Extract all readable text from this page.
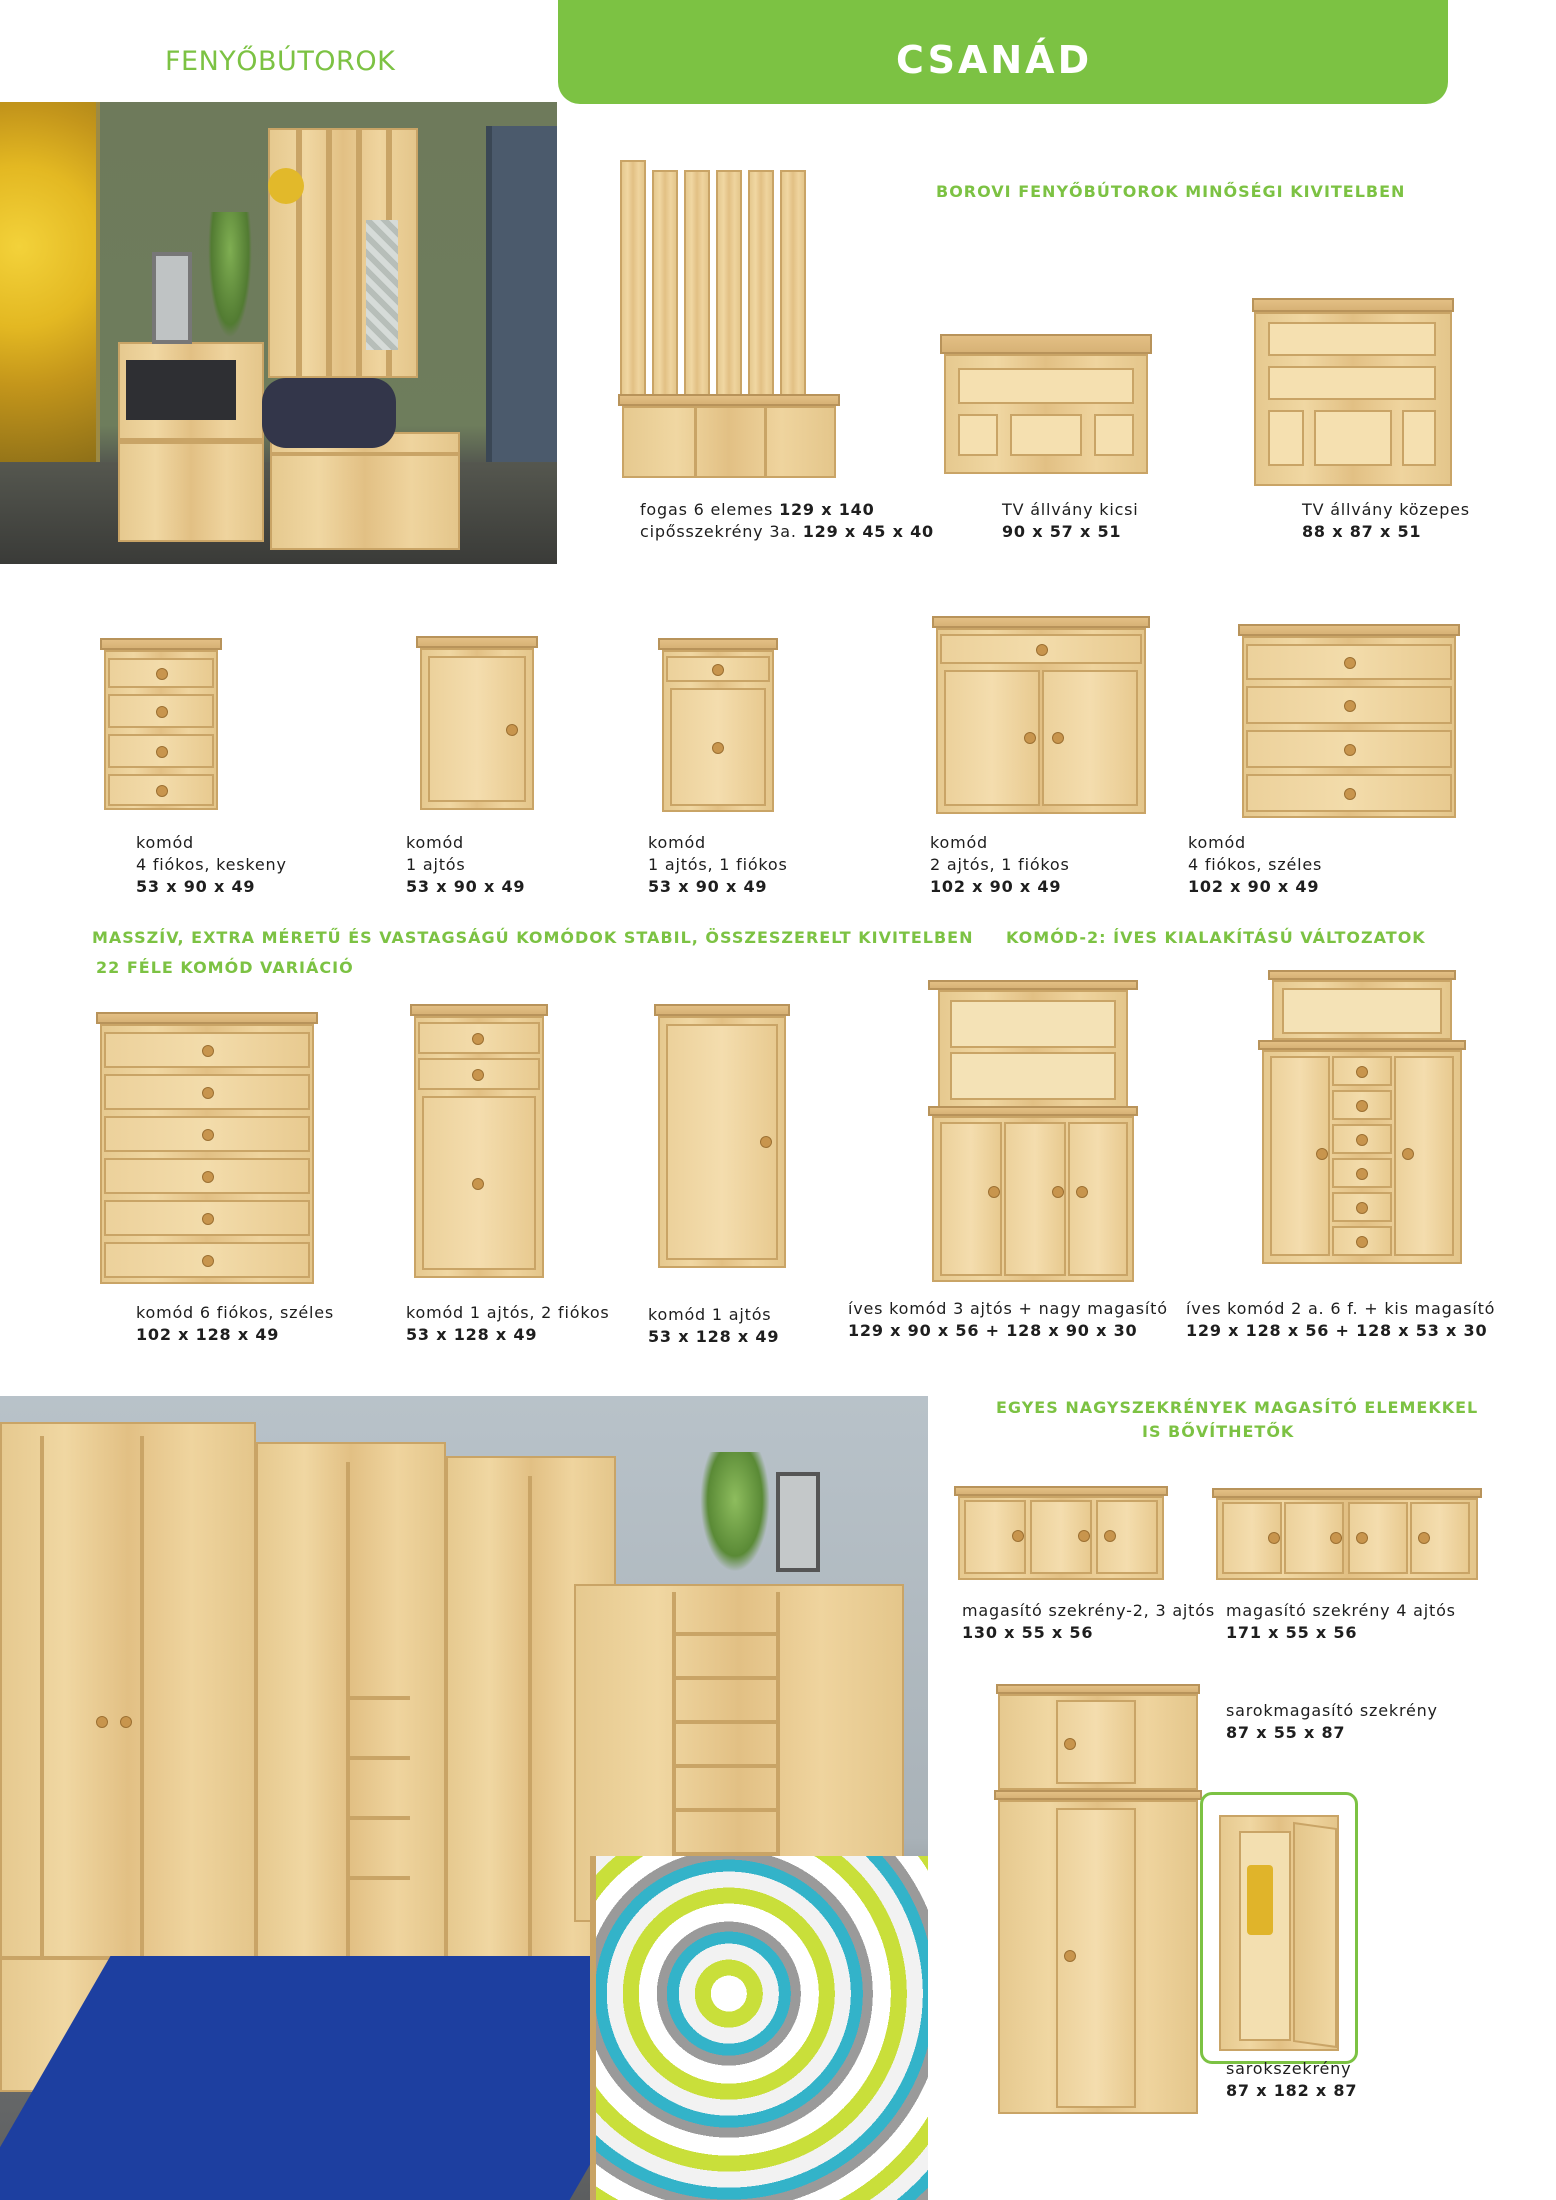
FENYŐBÚTOROK	CSANÁD
BOROVI FENYŐBÚTOROK MINŐSÉGI KIVITELBEN
fogas 6 elemes 129 x 140
cipősszekrény 3a. 129 x 45 x 40
TV állvány kicsi
90 x 57 x 51
TV állvány közepes
88 x 87 x 51
komód
4 fiókos, keskeny
53 x 90 x 49
komód
1 ajtós
53 x 90 x 49
komód
1 ajtós, 1 fiókos
53 x 90 x 49
komód
2 ajtós, 1 fiókos
102 x 90 x 49
komód
4 fiókos, széles
102 x 90 x 49
MASSZÍV, EXTRA MÉRETŰ ÉS VASTAGSÁGÚ KOMÓDOK STABIL, ÖSSZESZERELT KIVITELBEN
22 FÉLE KOMÓD VARIÁCIÓ
KOMÓD-2: ÍVES KIALAKÍTÁSÚ VÁLTOZATOK
komód 6 fiókos, széles
102 x 128 x 49
komód 1 ajtós, 2 fiókos
53 x 128 x 49
komód 1 ajtós
53 x 128 x 49
íves komód 3 ajtós + nagy magasító
129 x 90 x 56 + 128 x 90 x 30
íves komód 2 a. 6 f. + kis magasító
129 x 128 x 56 + 128 x 53 x 30
EGYES NAGYSZEKRÉNYEK MAGASÍTÓ ELEMEKKEL
IS BŐVÍTHETŐK
magasító szekrény-2, 3 ajtós
130 x 55 x 56
magasító szekrény 4 ajtós
171 x 55 x 56
sarokmagasító szekrény
87 x 55 x 87
sarokszekrény
87 x 182 x 87
